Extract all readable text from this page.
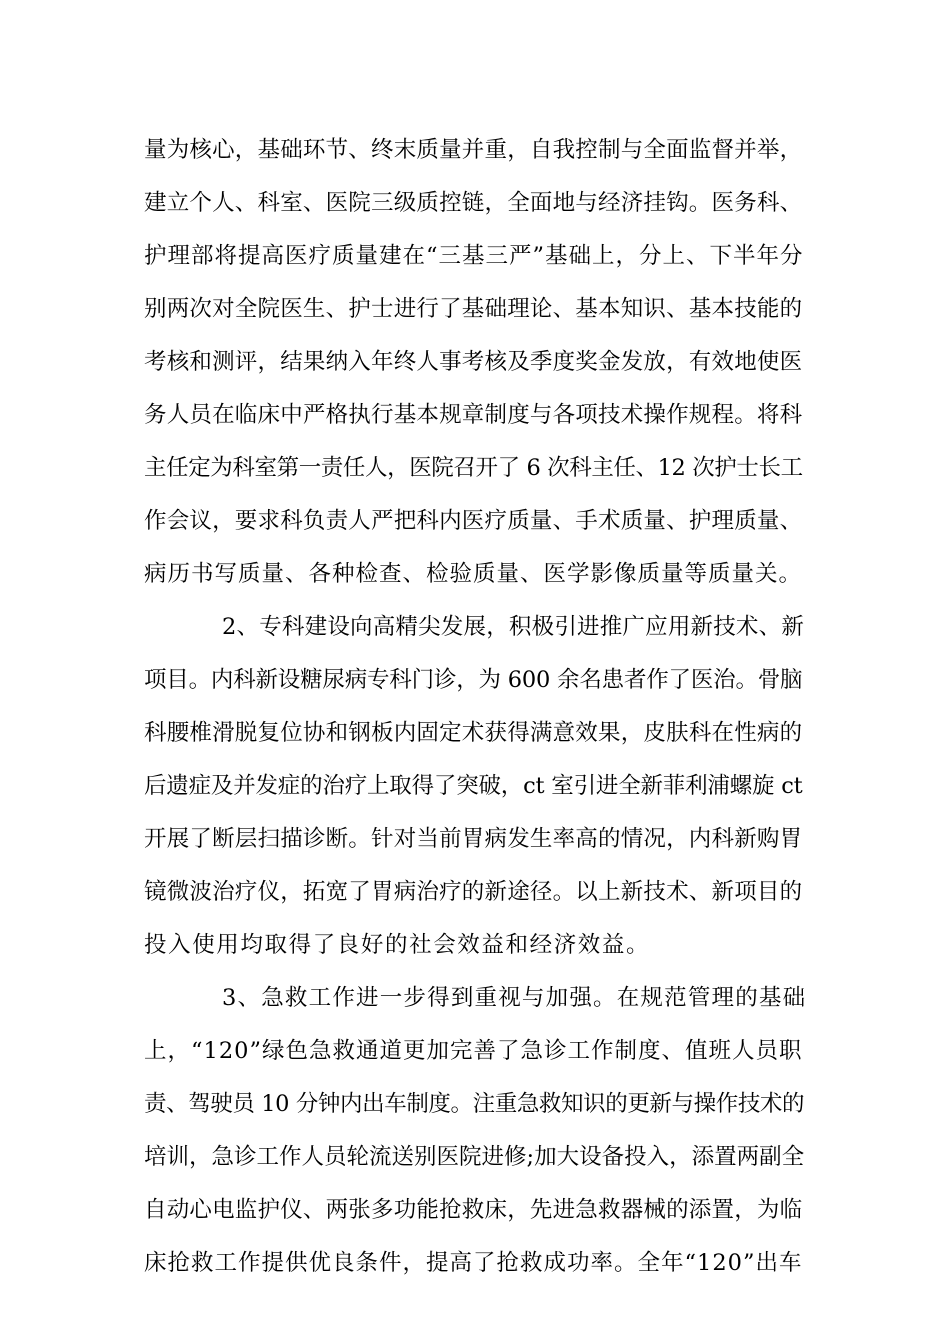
量为核心，基础环节、终末质量并重，自我控制与全面监督并举，
建立个人、科室、医院三级质控链，全面地与经济挂钩。医务科、
护理部将提高医疗质量建在“三基三严”基础上，分上、下半年分
别两次对全院医生、护士进行了基础理论、基本知识、基本技能的
考核和测评，结果纳入年终人事考核及季度奖金发放，有效地使医
务人员在临床中严格执行基本规章制度与各项技术操作规程。将科
主任定为科室第一责任人，医院召开了 6 次科主任、12 次护士长工
作会议，要求科负责人严把科内医疗质量、手术质量、护理质量、
病历书写质量、各种检查、检验质量、医学影像质量等质量关。
2、专科建设向高精尖发展，积极引进推广应用新技术、新
项目。内科新设糖尿病专科门诊，为 600 余名患者作了医治。骨脑
科腰椎滑脱复位协和钢板内固定术获得满意效果，皮肤科在性病的
后遗症及并发症的治疗上取得了突破，ct 室引进全新菲利浦螺旋 ct
开展了断层扫描诊断。针对当前胃病发生率高的情况，内科新购胃
镜微波治疗仪，拓宽了胃病治疗的新途径。以上新技术、新项目的
投入使用均取得了良好的社会效益和经济效益。
3、急救工作进一步得到重视与加强。在规范管理的基础
上，“120”绿色急救通道更加完善了急诊工作制度、值班人员职
责、驾驶员 10 分钟内出车制度。注重急救知识的更新与操作技术的
培训，急诊工作人员轮流送别医院进修;加大设备投入，添置两副全
自动心电监护仪、两张多功能抢救床，先进急救器械的添置，为临
床抢救工作提供优良条件，提高了抢救成功率。全年“120”出车
